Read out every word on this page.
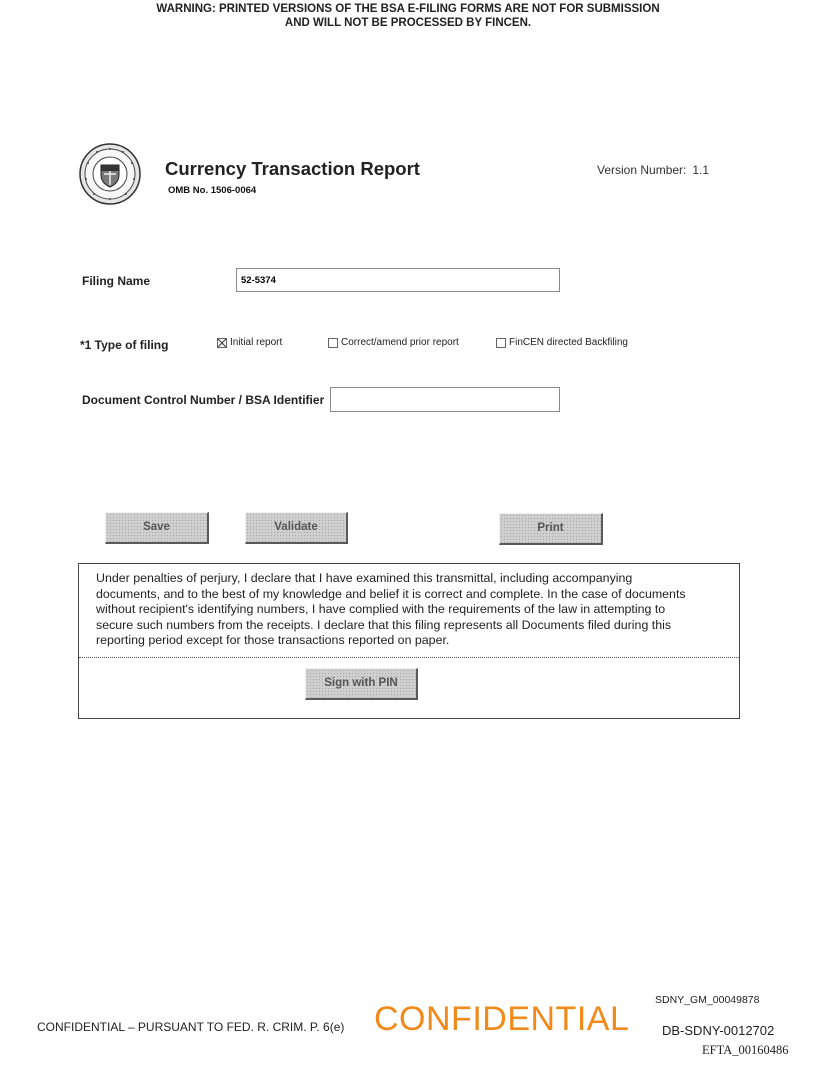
WARNING: PRINTED VERSIONS OF THE BSA E-FILING FORMS ARE NOT FOR SUBMISSION
AND WILL NOT BE PROCESSED BY FINCEN.
Currency Transaction Report
OMB No. 1506-0064
Version Number: 1.1
Filing Name
52-5374
*1 Type of filing	Initial report	Correct/amend prior report	FinCEN directed Backfiling
Document Control Number / BSA Identifier
Save	Validate	Print
Under penalties of perjury, I declare that I have examined this transmittal, including accompanying
documents, and to the best of my knowledge and belief it is correct and complete. In the case of documents
without recipient's identifying numbers, I have complied with the requirements of the law in attempting to
secure such numbers from the receipts. I declare that this filing represents all Documents filed during this
reporting period except for those transactions reported on paper.
Sign with PIN
SDNY_GM_00049878
CONFIDENTIAL – PURSUANT TO FED. R. CRIM. P. 6(e) CONFIDENTIAL	DB-SDNY-0012702
EFTA_00160486
